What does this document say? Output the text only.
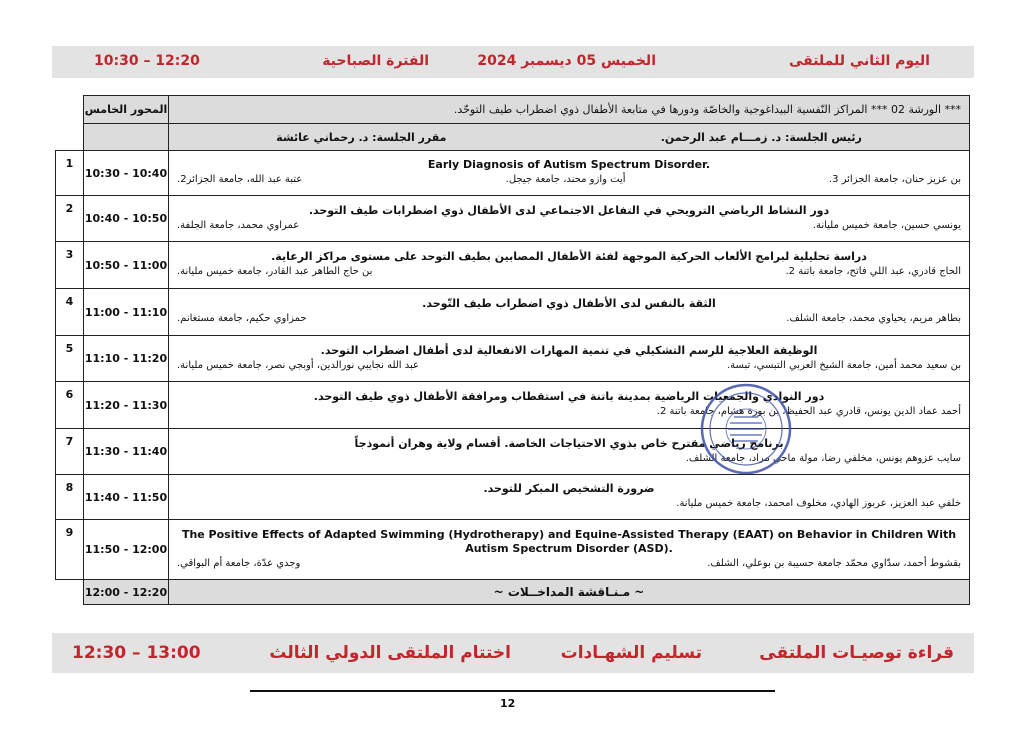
اليوم الثاني للملتقى
الخميس 05 ديسمبر 2024
الفترة الصباحية
10:30 – 12:20
	المحور الخامس	*** الورشة 02 *** المراكز النّفسية البيداغوجية والخاصّة ودورها في متابعة الأطفال ذوي اضطراب طيف التوحّد.

		رئيس الجلسة: د. زمـــام عبد الرحمن.
مقرر الجلسة: د. رحماني عائشة

1	10:30 - 10:40	Early Diagnosis of Autism Spectrum Disorder.
بن عزيز حنان، جامعة الجزائر 3.
أيت وازو محند، جامعة جيجل.
عتبة عبد الله، جامعة الجزائر2.

2	10:40 - 10:50	دور النشاط الرياضي الترويحي في التفاعل الاجتماعي لدى الأطفال ذوي اضطرابات طيف التوحد.
يونسي حسين، جامعة خميس مليانة.
عمراوي محمد، جامعة الجلفة.

3	10:50 - 11:00	دراسة تحليلية لبرامج الألعاب الحركية الموجهة لفئة الأطفال المصابين بطيف التوحد على مستوى مراكز الرعاية.
الحاج قادري، عبد اللي فاتح، جامعة باتنة 2.
بن حاج الطاهر عبد القادر، جامعة خميس مليانة.

4	11:00 - 11:10	الثقة بالنفس لدى الأطفال ذوي اضطراب طيف التّوحد.
بطاهر مريم، يحياوي محمد، جامعة الشلف.
حمزاوي حكيم، جامعة مستغانم.

5	11:10 - 11:20	الوظيفة العلاجية للرسم التشكيلي في تنمية المهارات الانفعالية لدى أطفال اضطراب التوحد.
بن سعيد محمد أمين، جامعة الشيخ العربي التبسي، تبسة.
عبد الله نجايبي نورالدين، أوبجي نصر، جامعة خميس مليانة.

6	11:20 - 11:30	دور النوادي والجمعيات الرياضية بمدينة باتنة في استقطاب ومرافقة الأطفال ذوي طيف التوحد.
أحمد عماد الدين يونس، قادري عبد الحفيظ، بن بوزة هشام، جامعة باتنة 2.

7	11:30 - 11:40	برنامج رياضي مقترح خاص بذوي الاحتياجات الخاصة. أقسام ولاية وهران أنموذجاً
سايب عزوهم يونس، مخلفي رضا، مولة ماحي مراد، جامعة الشلف.

8	11:40 - 11:50	ضرورة التشخيص المبكر للتوحد.
خلفي عبد العزيز، عربوز الهادي، مخلوف امحمد، جامعة خميس مليانة.

9	11:50 - 12:00	The Positive Effects of Adapted Swimming (Hydrotherapy) and Equine-Assisted Therapy (EAAT) on Behavior in Children With Autism Spectrum Disorder (ASD).
بقشوط أحمد، سدّاوي محمّد جامعة حسيبة بن بوعلي، الشلف.
وجدي عدّة، جامعة أم البواقي.

	12:00 - 12:20	~ مـنـاقشة المداخــلات ~
قراءة توصيـات الملتقى
تسليم الشهـادات
اختتام الملتقى الدولي الثالث
12:30 – 13:00
12
